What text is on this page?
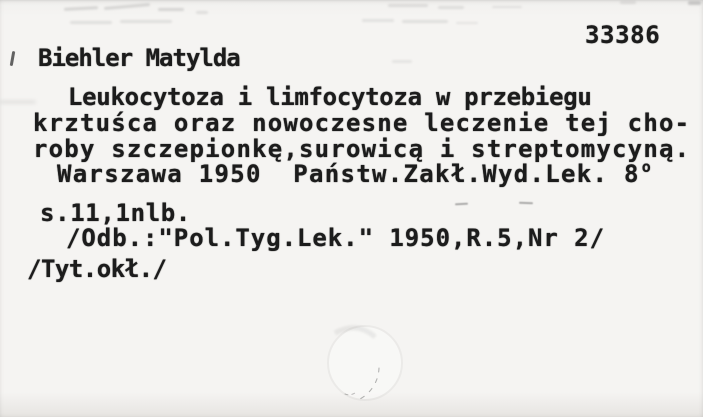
33386
Biehler Matylda
Leukocytoza i limfocytoza w przebiegu
krztuśca oraz nowoczesne leczenie tej cho-
roby szczepionkę,surowicą i streptomycyną.
Warszawa 1950  Państw.Zakł.Wyd.Lek. 8 $^o$
s.11,1nlb.
/Odb.:"Pol.Tyg.Lek." 1950,R.5,Nr 2/
/Tyt.okł./
